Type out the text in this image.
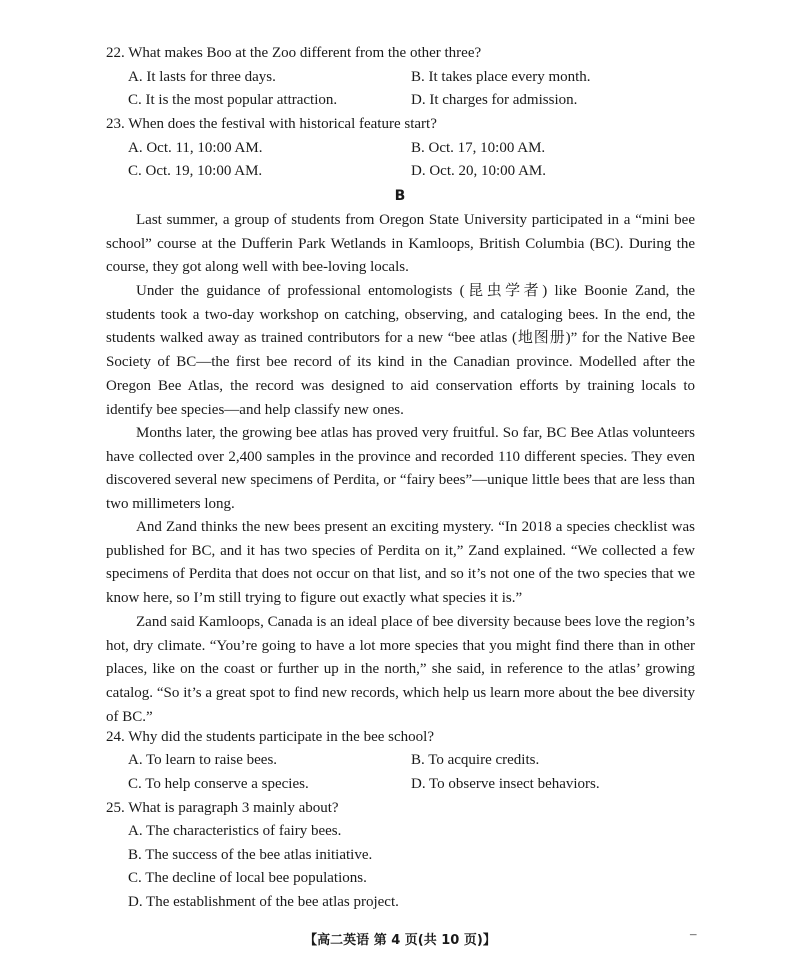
22. What makes Boo at the Zoo different from the other three?
A. It lasts for three days.	B. It takes place every month.
C. It is the most popular attraction.	D. It charges for admission.
23. When does the festival with historical feature start?
A. Oct. 11, 10:00 AM.	B. Oct. 17, 10:00 AM.
C. Oct. 19, 10:00 AM.	D. Oct. 20, 10:00 AM.
B

Last summer, a group of students from Oregon State University participated in a “mini bee school” course at the Dufferin Park Wetlands in Kamloops, British Columbia (BC). During the course, they got along well with bee-loving locals.

Under the guidance of professional entomologists (昆虫学者) like Boonie Zand, the students took a two-day workshop on catching, observing, and cataloging bees. In the end, the students walked away as trained contributors for a new “bee atlas (地图册)” for the Native Bee Society of BC—the first bee record of its kind in the Canadian province. Modelled after the Oregon Bee Atlas, the record was designed to aid conservation efforts by training locals to identify bee species—and help classify new ones.

Months later, the growing bee atlas has proved very fruitful. So far, BC Bee Atlas volunteers have collected over 2,400 samples in the province and recorded 110 different species. They even discovered several new specimens of Perdita, or “fairy bees”—unique little bees that are less than two millimeters long.

And Zand thinks the new bees present an exciting mystery. “In 2018 a species checklist was published for BC, and it has two species of Perdita on it,” Zand explained. “We collected a few specimens of Perdita that does not occur on that list, and so it’s not one of the two species that we know here, so I’m still trying to figure out exactly what species it is.”

Zand said Kamloops, Canada is an ideal place of bee diversity because bees love the region’s hot, dry climate. “You’re going to have a lot more species that you might find there than in other places, like on the coast or further up in the north,” she said, in reference to the atlas’ growing catalog. “So it’s a great spot to find new records, which help us learn more about the bee diversity of BC.”

24. Why did the students participate in the bee school?
A. To learn to raise bees.	B. To acquire credits.
C. To help conserve a species.	D. To observe insect behaviors.
25. What is paragraph 3 mainly about?
A. The characteristics of fairy bees.
B. The success of the bee atlas initiative.
C. The decline of local bee populations.
D. The establishment of the bee atlas project.
【高二英语 第 4 页(共 10 页)】	–
